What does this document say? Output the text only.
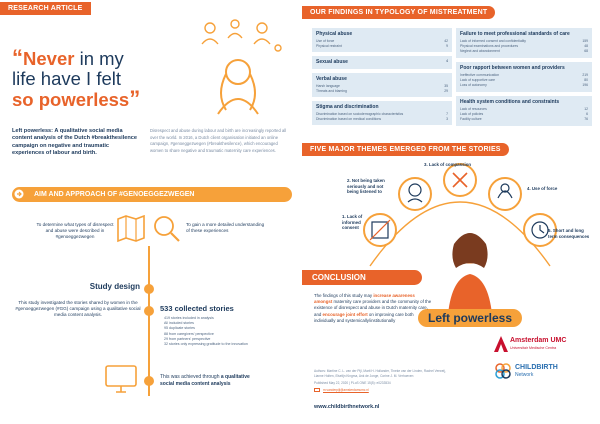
RESEARCH ARTICLE
“Never in my
life have I felt
so powerless”
Left powerless: A qualitative social media content analysis of the Dutch #breakthesilence campaign on negative and traumatic experiences of labour and birth.
Disrespect and abuse during labour and birth are increasingly reported all over the world. In 2016, a Dutch client organisation initiated an online campaign, #genoeggezwegen (#breakthesilence), which encouraged women to share negative and traumatic maternity care experiences.
AIM AND APPROACH OF #GENOEGGEZWEGEN
To determine what types of disrespect and abuse were described in #genoeggezwegen
To gain a more detailed understanding of these experiences
Study design
This study investigated the stories shared by women in the #genoeggezwegen (#GG) campaign using a qualitative social media content analysis.
533 collected stories
419 stories included in analysis
All included stories
95 duplicate stories
88 from caregivers' perspective
29 from partners' perspective
32 stories only expressing gratitude to the innovation
This was achieved through a qualitative social media content analysis
OUR FINDINGS IN TYPOLOGY OF MISTREATMENT
Physical abuse
Use of force	42
Physical restraint	9
Sexual abuse	4
Verbal abuse
Harsh language	35
Threats and blaming	29
Stigma and discrimination
Discrimination based on sociodemographic characteristics	7
Discrimination based on medical conditions	3
Failure to meet professional standards of care
Lack of informed consent and confidentiality	159
Physical examinations and procedures	48
Neglect and abandonment	68
Poor rapport between women and providers
Ineffective communication	219
Lack of supportive care	80
Loss of autonomy	196
Health system conditions and constraints
Lack of resources	12
Lack of policies	6
Facility culture	76
FIVE MAJOR THEMES EMERGED FROM THE STORIES
1. Lack of informed consent
2. Not being taken seriously and not being listened to
3. Lack of compassion
4. Use of force
5. Short and long term consequences
Left powerless
CONCLUSION
The findings of this study may increase awareness amongst maternity care providers and the community of the existence of disrespect and abuse in Dutch maternity care, and encourage joint effort on improving care both individually and systemically/institutionally
Authors: Martine C. L. van der Pijl, Marit H. Hollander, Tineke van der Linden, Rachel Verweij, Lianne Holten, Elselijn Kingma, Ank de Jonge, Corine J. M. Verhoeven
Published May 22, 2020 | PLoS ONE 15(5): e0233534
m.vanderpijl@amsterdamumc.nl
www.childbirthnetwork.nl
Amsterdam UMC
Universitair Medische Centra
CHILDBIRTH
Network
